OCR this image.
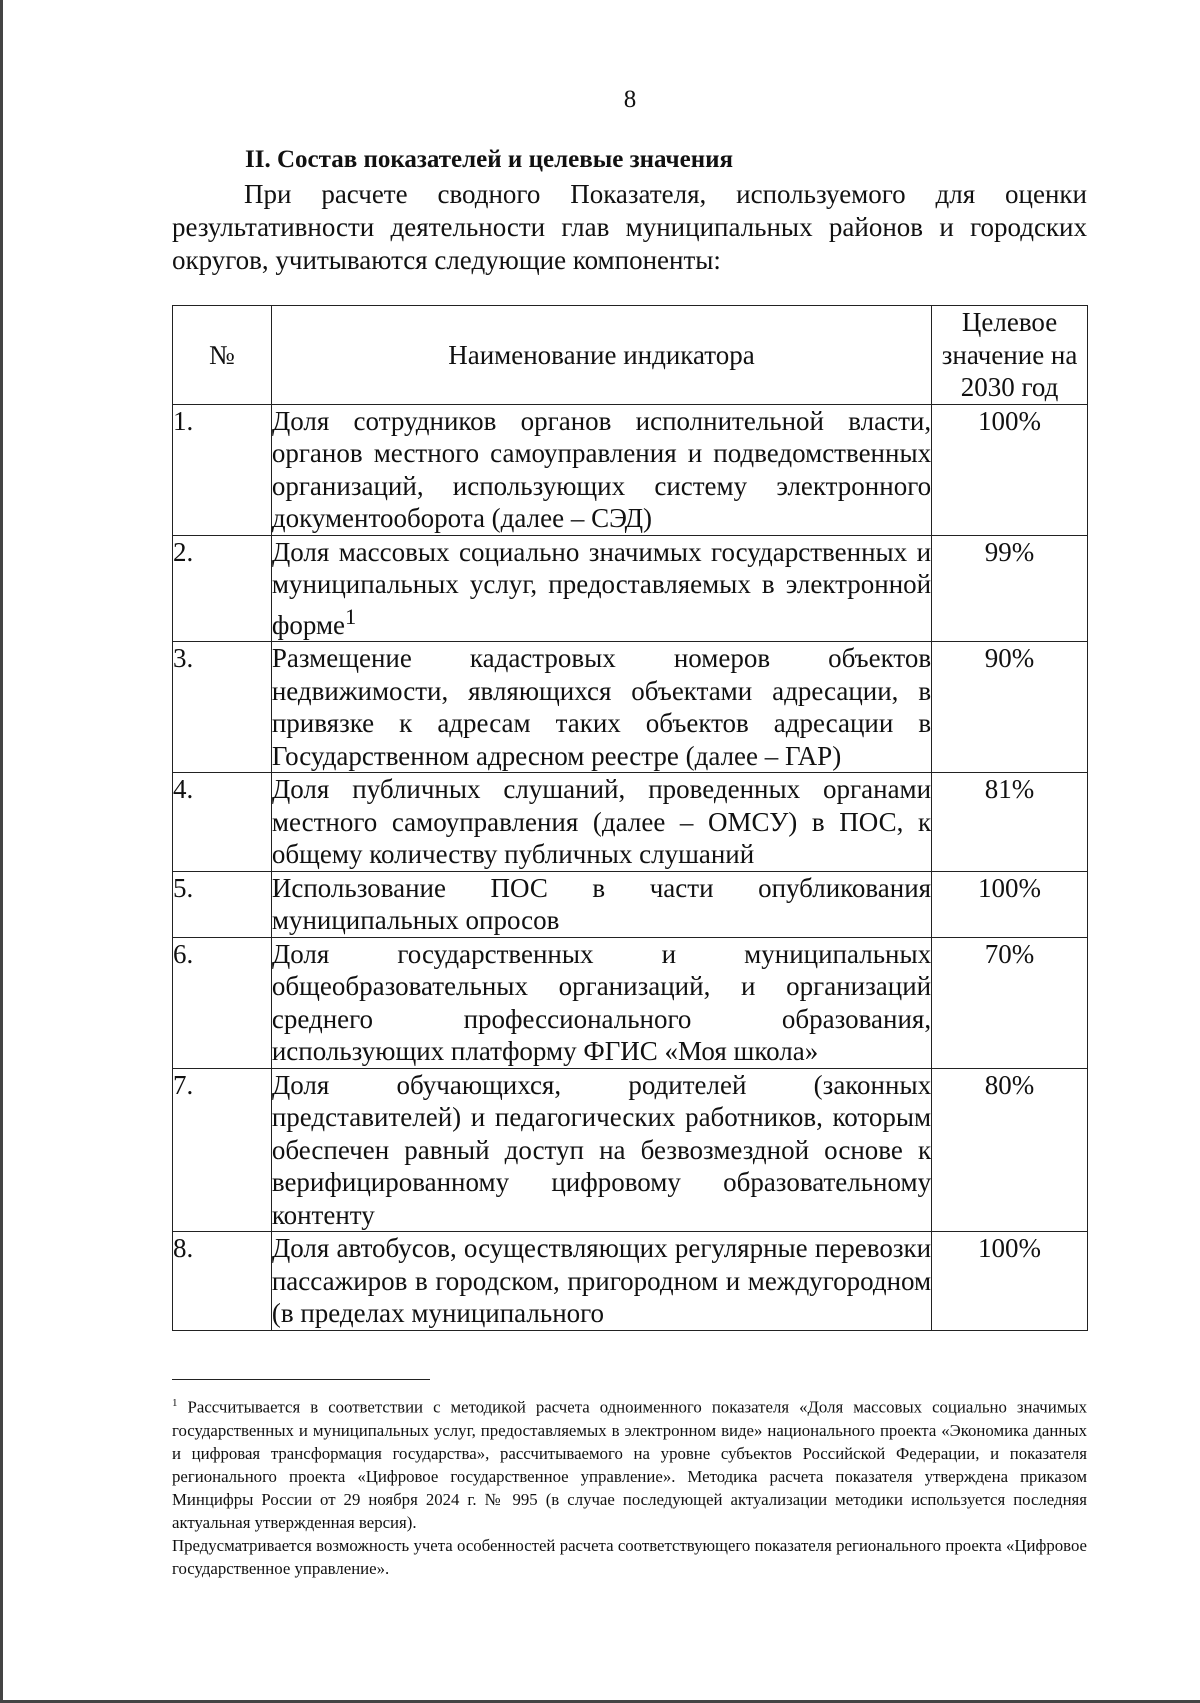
8
II. Состав показателей и целевые значения

При расчете сводного Показателя, используемого для оценки результативности деятельности глав муниципальных районов и городских округов, учитываются следующие компоненты:

№	Наименование индикатора	Целевое
значение на
2030 год

1.	Доля сотрудников органов исполнительной власти, органов местного самоуправления и подведомственных организаций, использующих систему электронного документооборота (далее – СЭД)	100%
2.	Доля массовых социально значимых государственных и муниципальных услуг, предоставляемых в электронной форме$^1$	99%
3.	Размещение кадастровых номеров объектов недвижимости, являющихся объектами адресации, в привязке к адресам таких объектов адресации в Государственном адресном реестре (далее – ГАР)	90%
4.	Доля публичных слушаний, проведенных органами местного самоуправления (далее – ОМСУ) в ПОС, к общему количеству публичных слушаний	81%
5.	Использование ПОС в части опубликования муниципальных опросов	100%
6.	Доля государственных и муниципальных общеобразовательных организаций, и организаций среднего профессионального образования, использующих платформу ФГИС «Моя школа»	70%
7.	Доля обучающихся, родителей (законных представителей) и педагогических работников, которым обеспечен равный доступ на безвозмездной основе к верифицированному цифровому образовательному контенту	80%
8.	Доля автобусов, осуществляющих регулярные перевозки пассажиров в городском, пригородном и междугородном (в пределах муниципального	100%

$^1$ Рассчитывается в соответствии с методикой расчета одноименного показателя «Доля массовых социально значимых государственных и муниципальных услуг, предоставляемых в электронном виде» национального проекта «Экономика данных и цифровая трансформация государства», рассчитываемого на уровне субъектов Российской Федерации, и показателя регионального проекта «Цифровое государственное управление». Методика расчета показателя утверждена приказом Минцифры России от 29 ноября 2024 г. № 995 (в случае последующей актуализации методики используется последняя актуальная утвержденная версия).

Предусматривается возможность учета особенностей расчета соответствующего показателя регионального проекта «Цифровое государственное управление».
